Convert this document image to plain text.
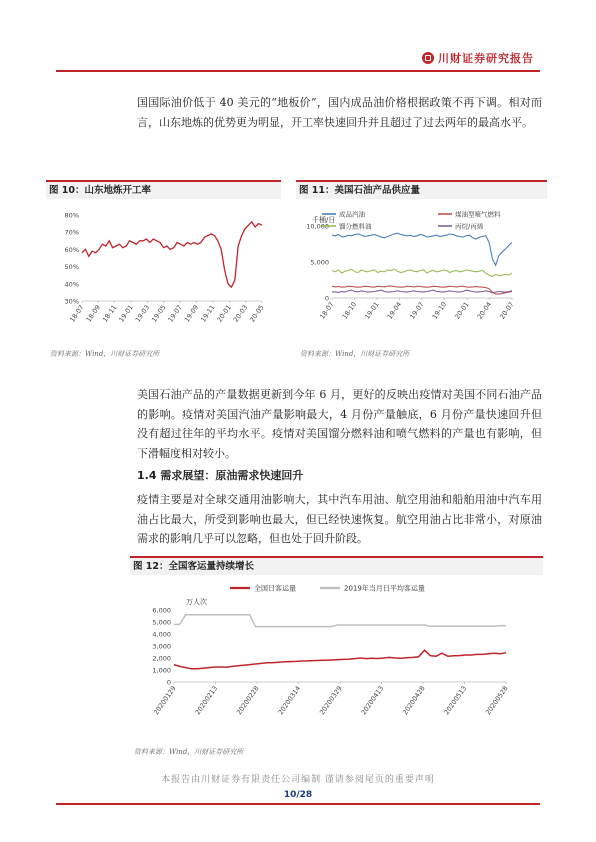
川财证券研究报告
国国际油价低于 40 美元的“地板价”，国内成品油价格根据政策不再下调。相对而言，山东地炼的优势更为明显，开工率快速回升并且超过了过去两年的最高水平。
图 10：山东地炼开工率
80%
70%
60%
50%
40%
30%
18-07
18-09
18-11
19-01
19-03
19-05
19-07
19-09
19-11
20-01
20-03
20-05
资料来源：Wind，川财证券研究所
图 11：美国石油产品供应量
10,000
5,000
0
18-07 18-10 19-01 19-04 19-07 19-10 20-01 20-04 20-07
千桶/日
成品汽油	煤油型喷气燃料
馏分燃料油	丙烷/丙烯
资料来源：Wind，川财证券研究所
美国石油产品的产量数据更新到今年 6 月，更好的反映出疫情对美国不同石油产品的影响。疫情对美国汽油产量影响最大，4 月份产量触底，6 月份产量快速回升但没有超过往年的平均水平。疫情对美国馏分燃料油和喷气燃料的产量也有影响，但下滑幅度相对较小。
1.4 需求展望：原油需求快速回升
疫情主要是对全球交通用油影响大，其中汽车用油、航空用油和船舶用油中汽车用油占比最大，所受到影响也最大，但已经快速恢复。航空用油占比非常小，对原油需求的影响几乎可以忽略，但也处于回升阶段。
图 12：全国客运量持续增长
6,000
5,000
4,000
3,000
2,000
1,000
0
20200129 20200213 20200228 20200314 20200329 20200413 20200428 20200513 20200528
万人次
全国日客运量	2019年当月日平均客运量
资料来源：Wind，川财证券研究所
本报告由川财证券有限责任公司编制 谨请参阅尾页的重要声明
10/28
